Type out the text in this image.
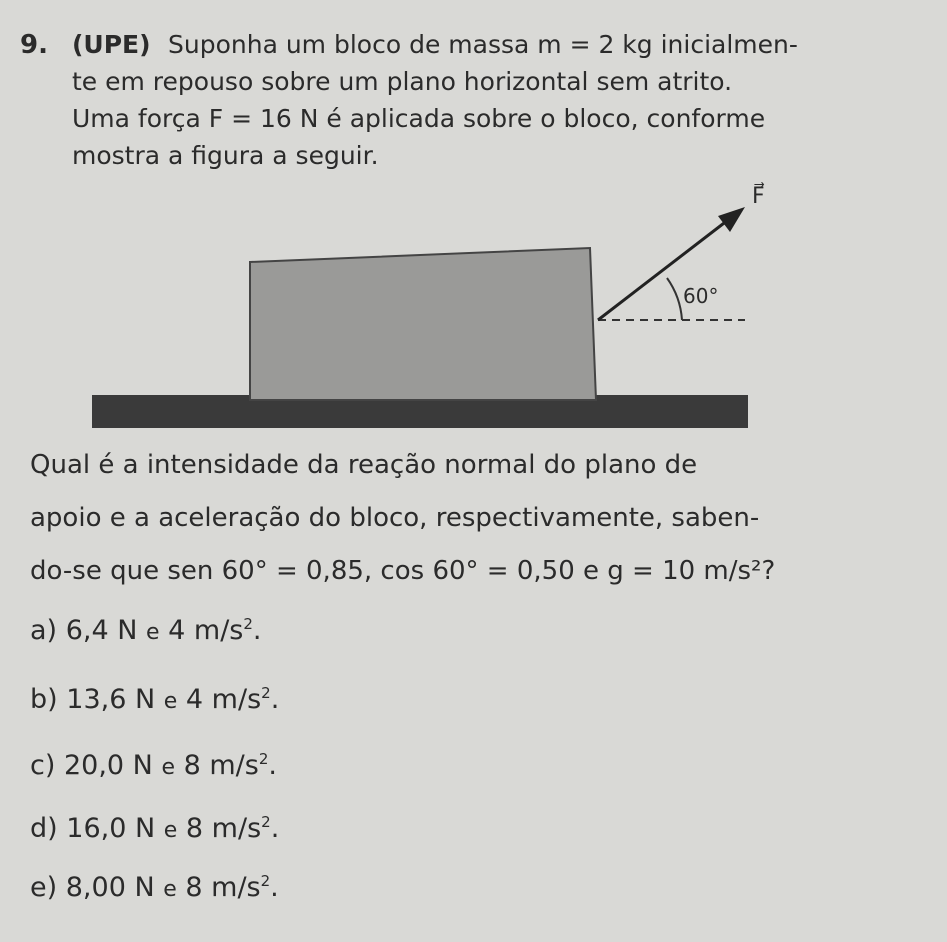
9. (UPE) Suponha um bloco de massa m = 2 kg inicialmen-
te em repouso sobre um plano horizontal sem atrito.
Uma força F = 16 N é aplicada sobre o bloco, conforme
mostra a figura a seguir.
F⃗
60°
Qual é a intensidade da reação normal do plano de
apoio e a aceleração do bloco, respectivamente, saben-
do-se que sen 60° = 0,85, cos 60° = 0,50 e g = 10 m/s²?
a) 6,4 N e 4 $m/s^2$.
b) 13,6 N e 4 $m/s^2$.
c) 20,0 N e 8 $m/s^2$.
d) 16,0 N e 8 $m/s^2$.
e) 8,00 N e 8 $m/s^2$.
